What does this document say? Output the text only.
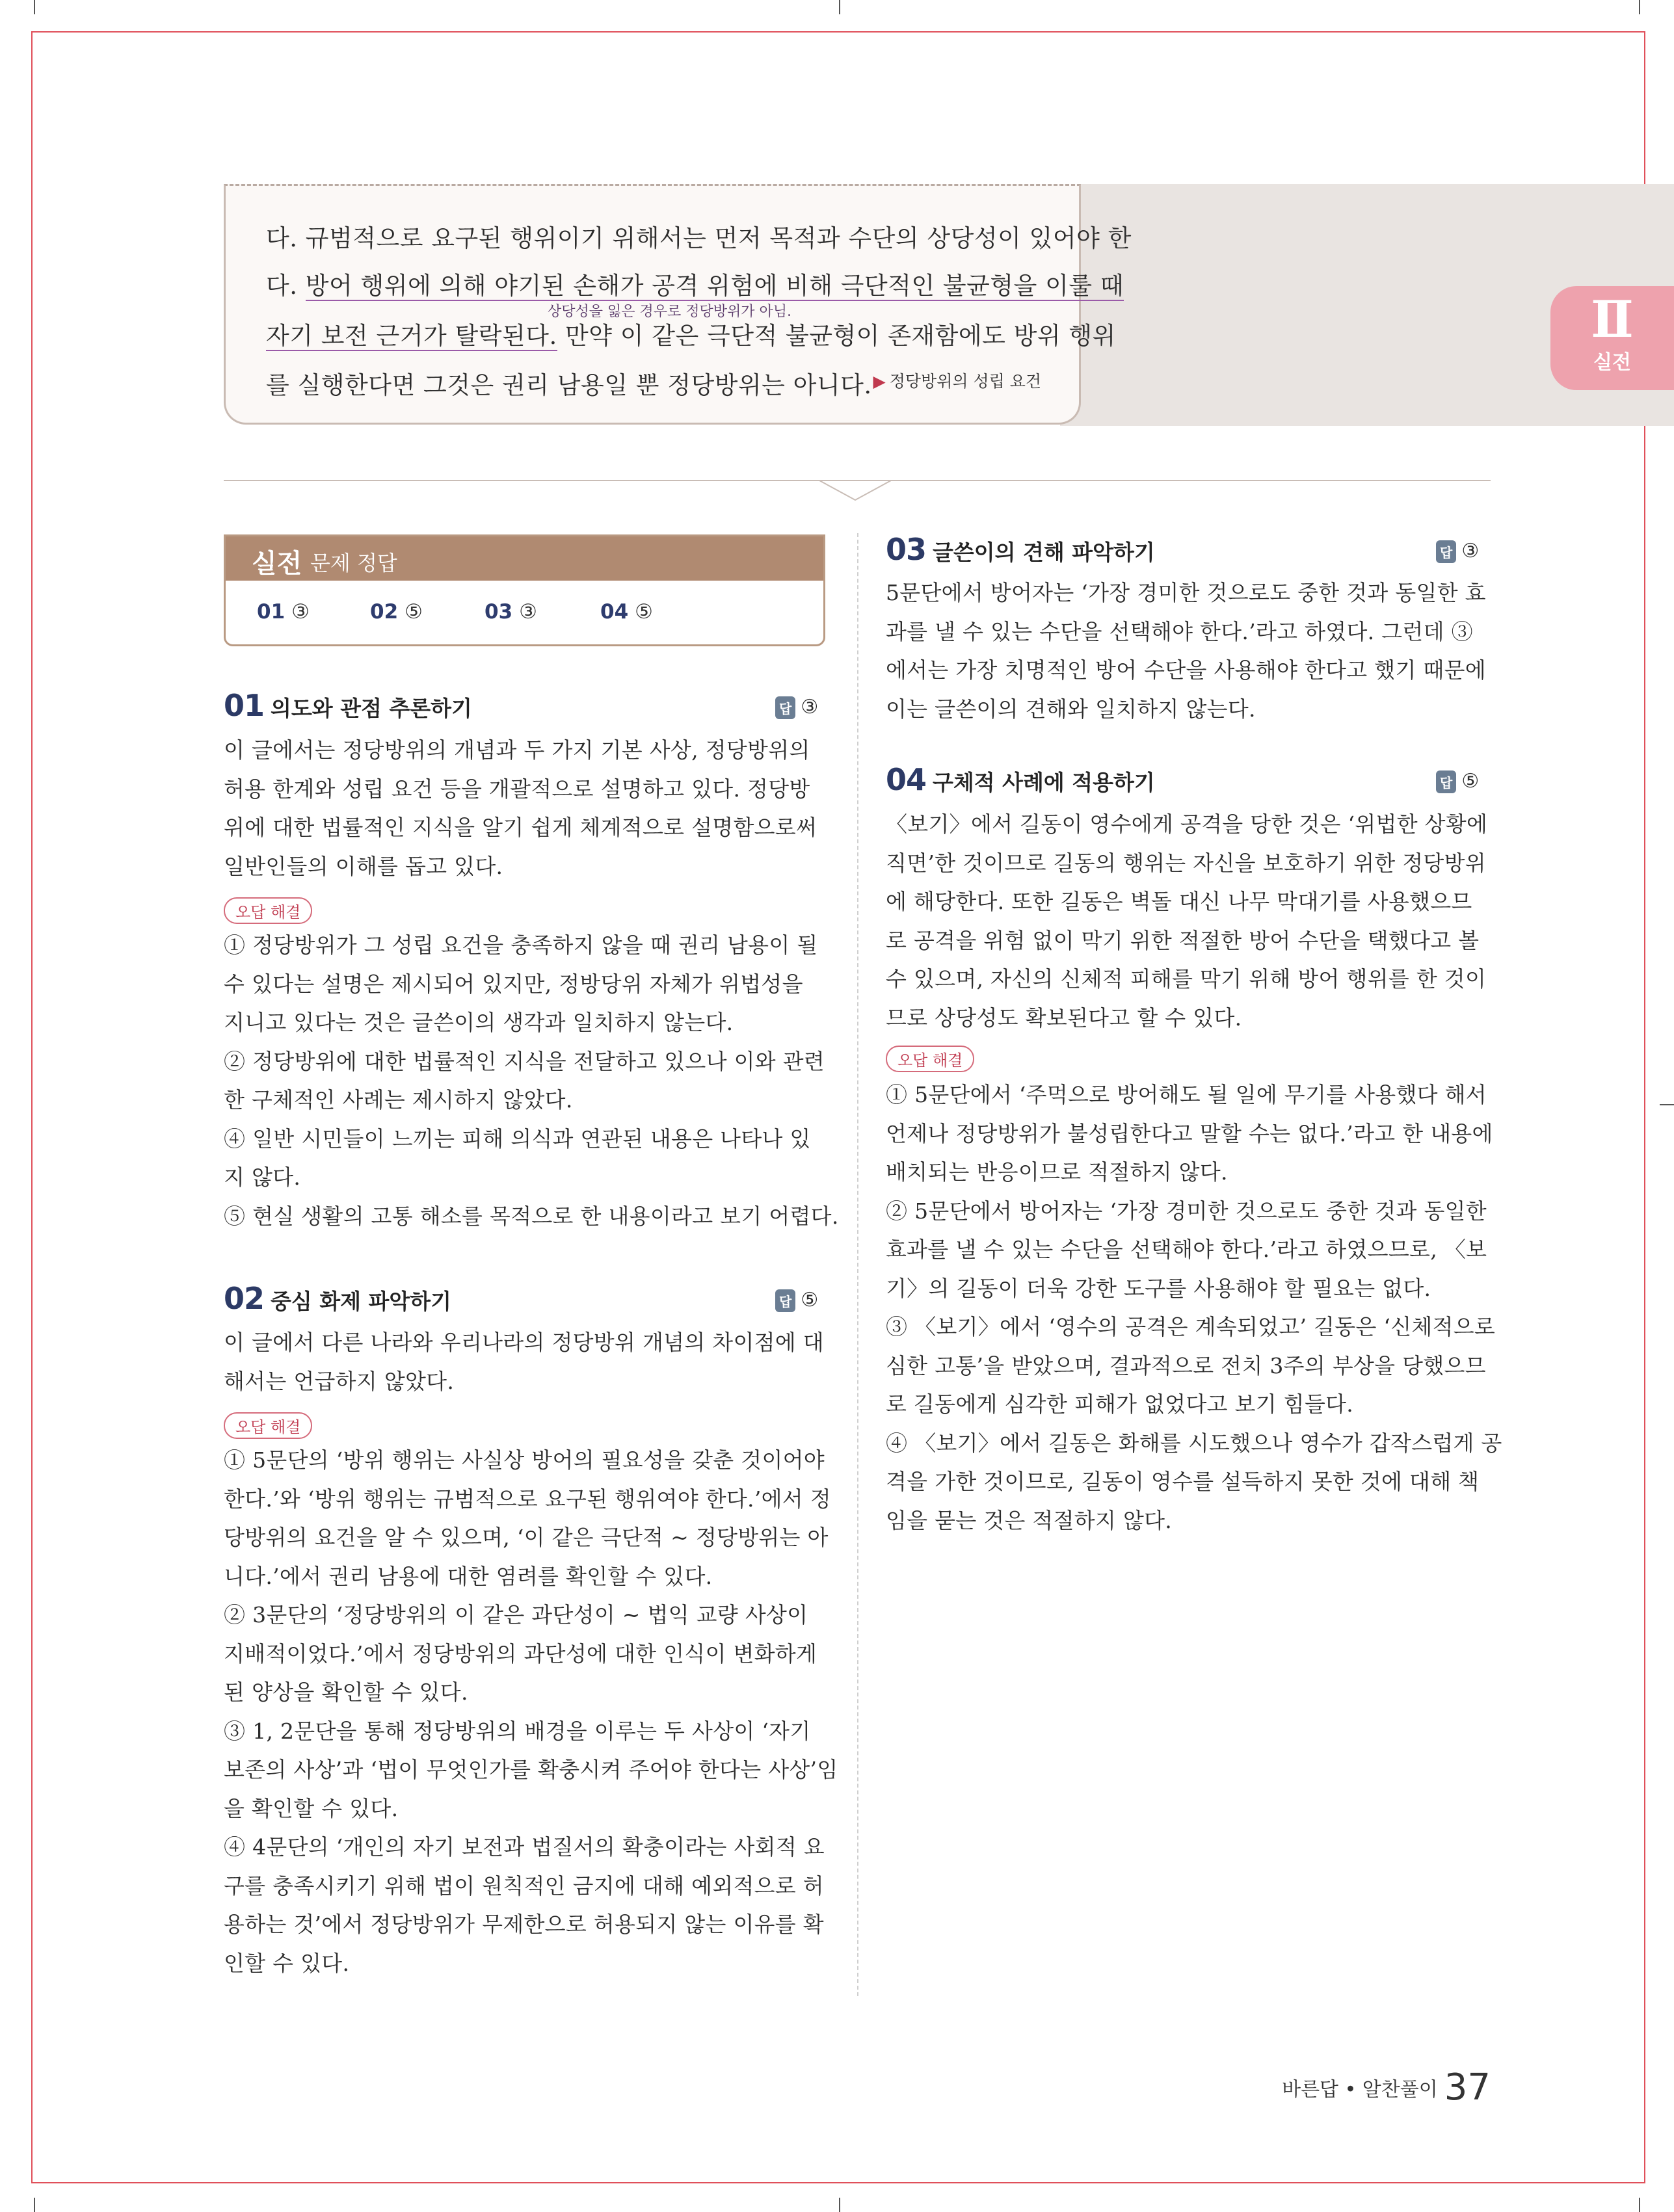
Ⅱ
실전
다. 규범적으로 요구된 행위이기 위해서는 먼저 목적과 수단의 상당성이 있어야 한
다. 방어 행위에 의해 야기된 손해가 공격 위험에 비해 극단적인 불균형을 이룰 때
상당성을 잃은 경우로 정당방위가 아님.
자기 보전 근거가 탈락된다. 만약 이 같은 극단적 불균형이 존재함에도 방위 행위
를 실행한다면 그것은 권리 남용일 뿐 정당방위는 아니다. ▶ 정당방위의 성립 요건
실전 문제 정답
01 ③	02 ⑤	03 ③	04 ⑤
01 의도와 관점 추론하기	답 ③
이 글에서는 정당방위의 개념과 두 가지 기본 사상, 정당방위의
허용 한계와 성립 요건 등을 개괄적으로 설명하고 있다. 정당방
위에 대한 법률적인 지식을 알기 쉽게 체계적으로 설명함으로써
일반인들의 이해를 돕고 있다.
오답 해결
① 정당방위가 그 성립 요건을 충족하지 않을 때 권리 남용이 될
수 있다는 설명은 제시되어 있지만, 정방당위 자체가 위법성을
지니고 있다는 것은 글쓴이의 생각과 일치하지 않는다.
② 정당방위에 대한 법률적인 지식을 전달하고 있으나 이와 관련
한 구체적인 사례는 제시하지 않았다.
④ 일반 시민들이 느끼는 피해 의식과 연관된 내용은 나타나 있
지 않다.
⑤ 현실 생활의 고통 해소를 목적으로 한 내용이라고 보기 어렵다.
02 중심 화제 파악하기	답 ⑤
이 글에서 다른 나라와 우리나라의 정당방위 개념의 차이점에 대
해서는 언급하지 않았다.
오답 해결
① 5문단의 ‘방위 행위는 사실상 방어의 필요성을 갖춘 것이어야
한다.’와 ‘방위 행위는 규범적으로 요구된 행위여야 한다.’에서 정
당방위의 요건을 알 수 있으며, ‘이 같은 극단적 ~ 정당방위는 아
니다.’에서 권리 남용에 대한 염려를 확인할 수 있다.
② 3문단의 ‘정당방위의 이 같은 과단성이 ~ 법익 교량 사상이
지배적이었다.’에서 정당방위의 과단성에 대한 인식이 변화하게
된 양상을 확인할 수 있다.
③ 1, 2문단을 통해 정당방위의 배경을 이루는 두 사상이 ‘자기
보존의 사상’과 ‘법이 무엇인가를 확충시켜 주어야 한다는 사상’임
을 확인할 수 있다.
④ 4문단의 ‘개인의 자기 보전과 법질서의 확충이라는 사회적 요
구를 충족시키기 위해 법이 원칙적인 금지에 대해 예외적으로 허
용하는 것’에서 정당방위가 무제한으로 허용되지 않는 이유를 확
인할 수 있다.
03 글쓴이의 견해 파악하기	답 ③
5문단에서 방어자는 ‘가장 경미한 것으로도 중한 것과 동일한 효
과를 낼 수 있는 수단을 선택해야 한다.’라고 하였다. 그런데 ③
에서는 가장 치명적인 방어 수단을 사용해야 한다고 했기 때문에
이는 글쓴이의 견해와 일치하지 않는다.
04 구체적 사례에 적용하기	답 ⑤
〈보기〉에서 길동이 영수에게 공격을 당한 것은 ‘위법한 상황에
직면’한 것이므로 길동의 행위는 자신을 보호하기 위한 정당방위
에 해당한다. 또한 길동은 벽돌 대신 나무 막대기를 사용했으므
로 공격을 위험 없이 막기 위한 적절한 방어 수단을 택했다고 볼
수 있으며, 자신의 신체적 피해를 막기 위해 방어 행위를 한 것이
므로 상당성도 확보된다고 할 수 있다.
오답 해결
① 5문단에서 ‘주먹으로 방어해도 될 일에 무기를 사용했다 해서
언제나 정당방위가 불성립한다고 말할 수는 없다.’라고 한 내용에
배치되는 반응이므로 적절하지 않다.
② 5문단에서 방어자는 ‘가장 경미한 것으로도 중한 것과 동일한
효과를 낼 수 있는 수단을 선택해야 한다.’라고 하였으므로, 〈보
기〉의 길동이 더욱 강한 도구를 사용해야 할 필요는 없다.
③ 〈보기〉에서 ‘영수의 공격은 계속되었고’ 길동은 ‘신체적으로
심한 고통’을 받았으며, 결과적으로 전치 3주의 부상을 당했으므
로 길동에게 심각한 피해가 없었다고 보기 힘들다.
④ 〈보기〉에서 길동은 화해를 시도했으나 영수가 갑작스럽게 공
격을 가한 것이므로, 길동이 영수를 설득하지 못한 것에 대해 책
임을 묻는 것은 적절하지 않다.
바른답 • 알찬풀이 37
